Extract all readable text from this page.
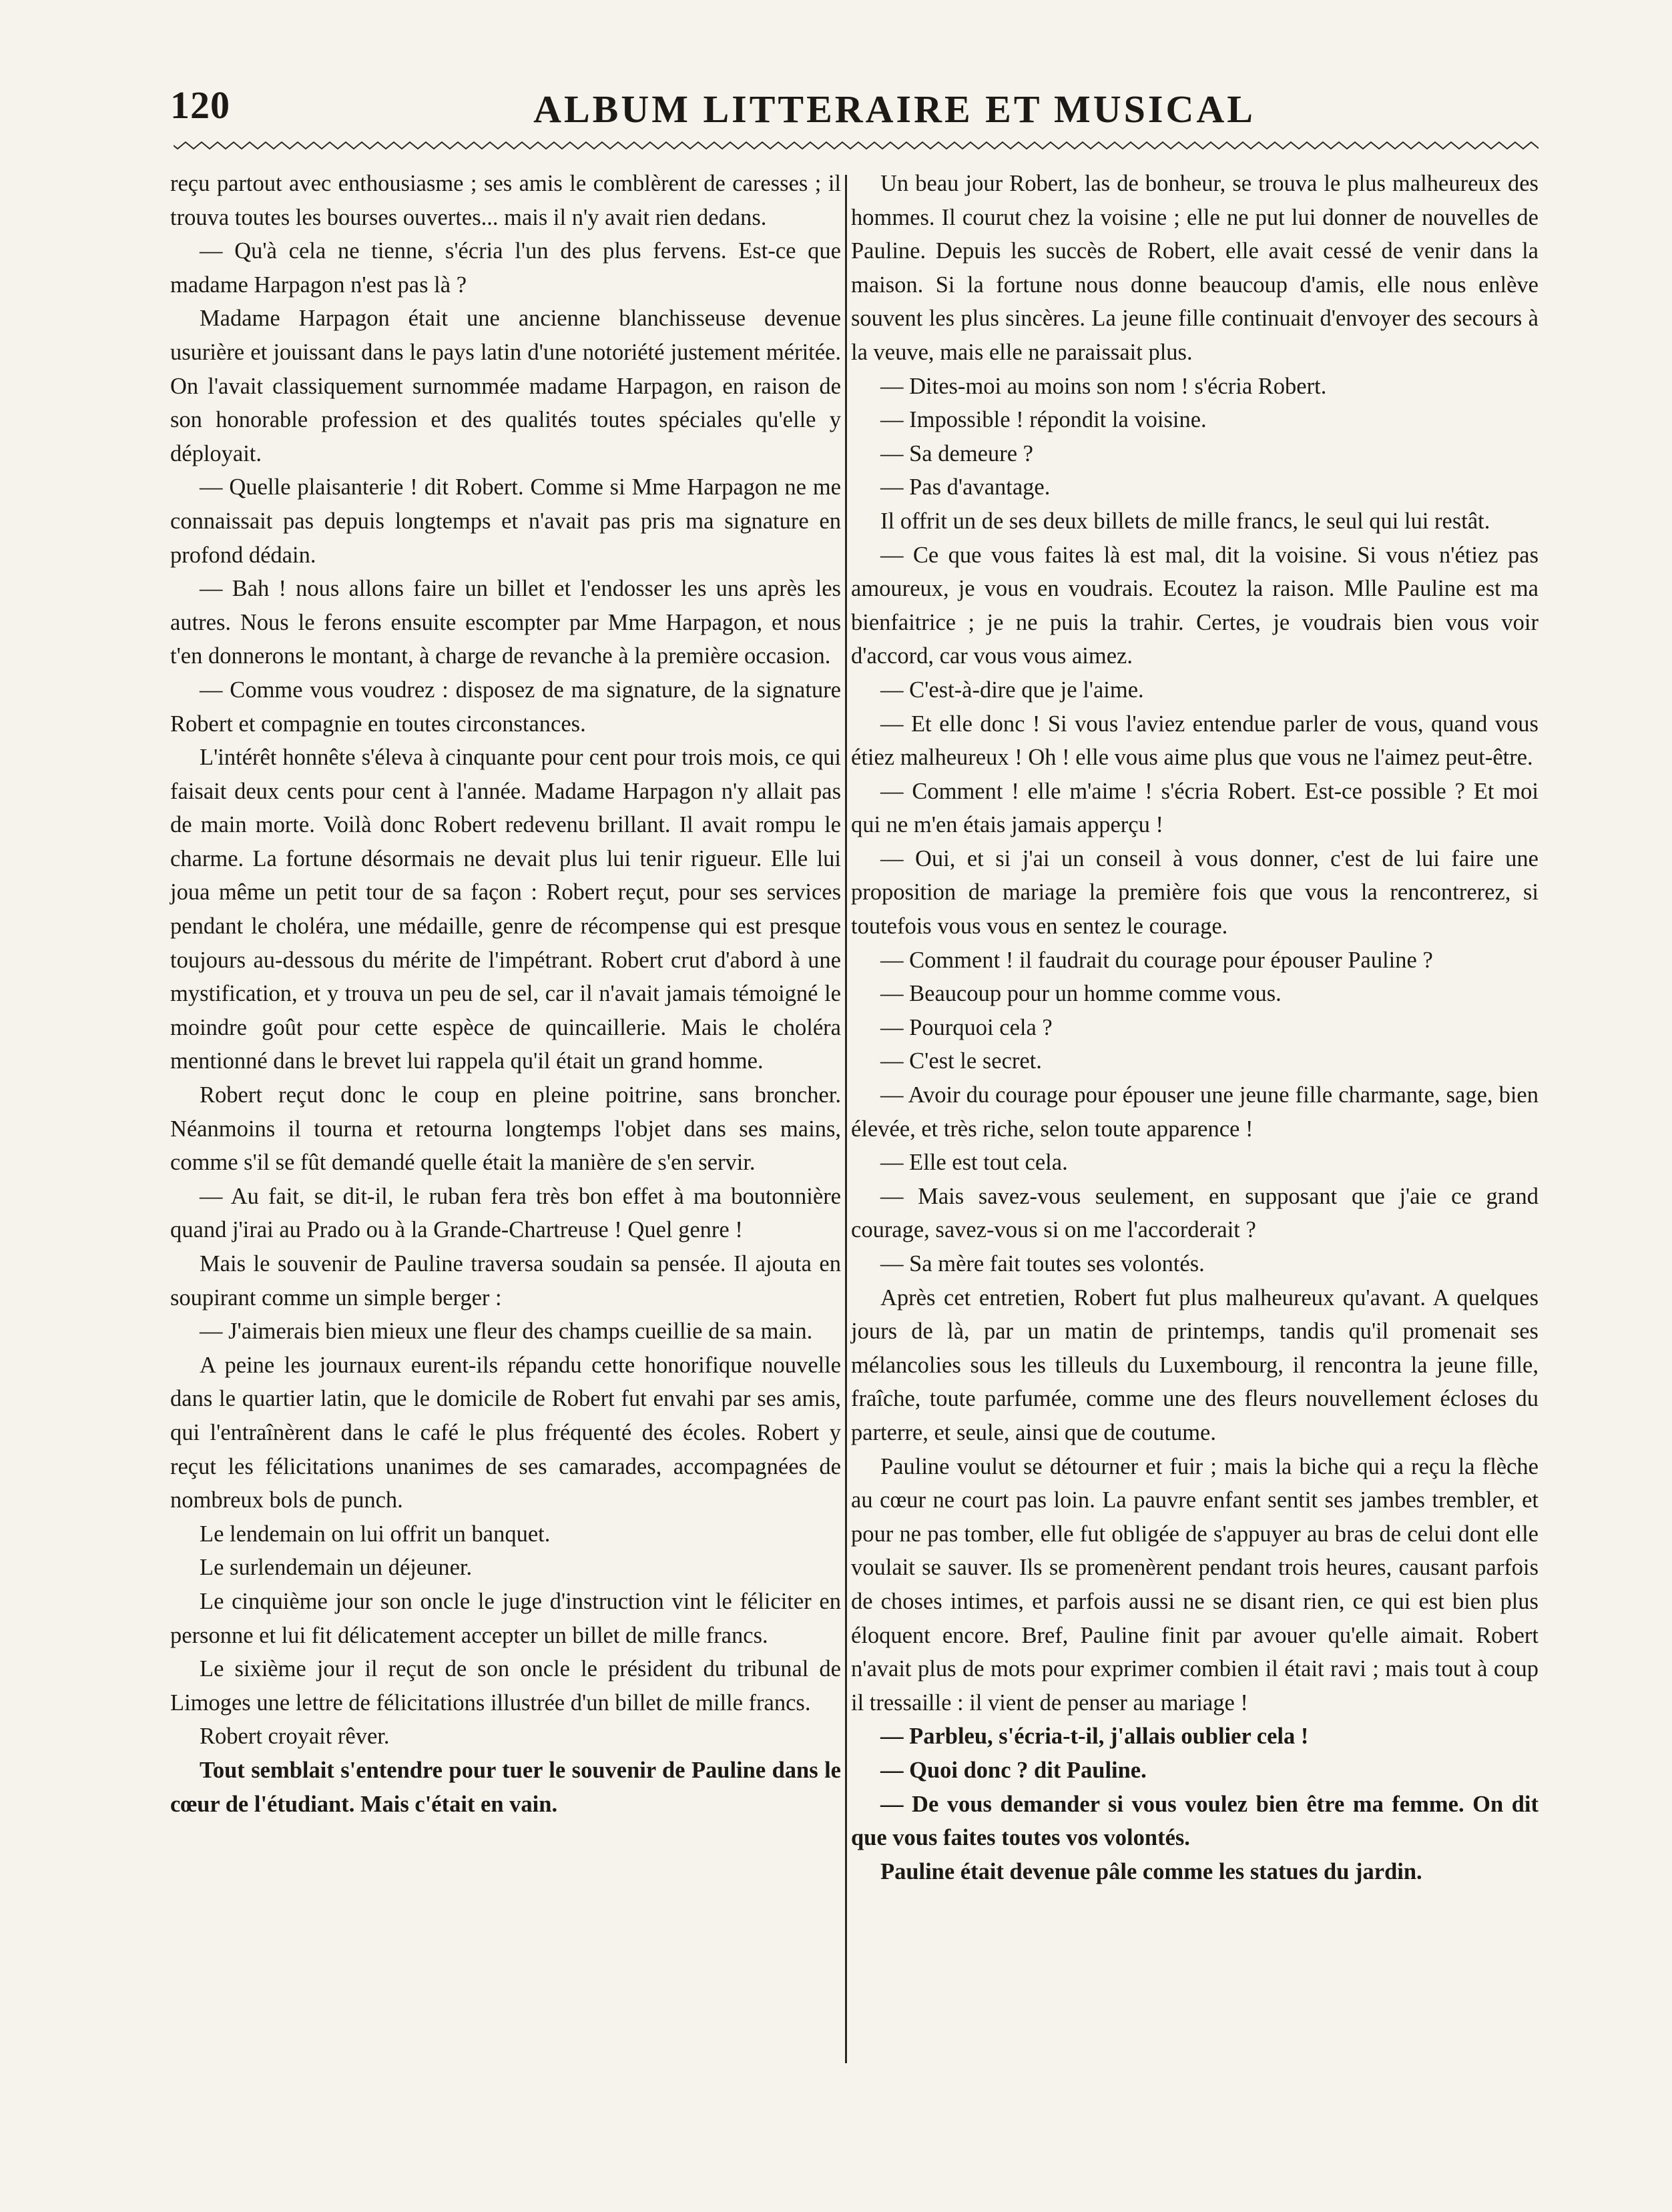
120	ALBUM LITTERAIRE ET MUSICAL

reçu partout avec enthousiasme ; ses amis le comblèrent de caresses ; il trouva toutes les bourses ouvertes... mais il n'y avait rien dedans.

— Qu'à cela ne tienne, s'écria l'un des plus fervens. Est-ce que madame Harpagon n'est pas là ?

Madame Harpagon était une ancienne blanchisseuse devenue usurière et jouissant dans le pays latin d'une notoriété justement méritée. On l'avait classiquement surnommée madame Harpagon, en raison de son honorable profession et des qualités toutes spéciales qu'elle y déployait.

— Quelle plaisanterie ! dit Robert. Comme si Mme Harpagon ne me connaissait pas depuis longtemps et n'avait pas pris ma signature en profond dédain.

— Bah ! nous allons faire un billet et l'endosser les uns après les autres. Nous le ferons ensuite escompter par Mme Harpagon, et nous t'en donnerons le montant, à charge de revanche à la première occasion.

— Comme vous voudrez : disposez de ma signature, de la signature Robert et compagnie en toutes circonstances.

L'intérêt honnête s'éleva à cinquante pour cent pour trois mois, ce qui faisait deux cents pour cent à l'année. Madame Harpagon n'y allait pas de main morte. Voilà donc Robert redevenu brillant. Il avait rompu le charme. La fortune désormais ne devait plus lui tenir rigueur. Elle lui joua même un petit tour de sa façon : Robert reçut, pour ses services pendant le choléra, une médaille, genre de récompense qui est presque toujours au-dessous du mérite de l'impétrant. Robert crut d'abord à une mystification, et y trouva un peu de sel, car il n'avait jamais témoigné le moindre goût pour cette espèce de quincaillerie. Mais le choléra mentionné dans le brevet lui rappela qu'il était un grand homme.

Robert reçut donc le coup en pleine poitrine, sans broncher. Néanmoins il tourna et retourna longtemps l'objet dans ses mains, comme s'il se fût demandé quelle était la manière de s'en servir.

— Au fait, se dit-il, le ruban fera très bon effet à ma boutonnière quand j'irai au Prado ou à la Grande-Chartreuse ! Quel genre !

Mais le souvenir de Pauline traversa soudain sa pensée. Il ajouta en soupirant comme un simple berger :

— J'aimerais bien mieux une fleur des champs cueillie de sa main.

A peine les journaux eurent-ils répandu cette honorifique nouvelle dans le quartier latin, que le domicile de Robert fut envahi par ses amis, qui l'entraînèrent dans le café le plus fréquenté des écoles. Robert y reçut les félicitations unanimes de ses camarades, accompagnées de nombreux bols de punch.

Le lendemain on lui offrit un banquet.

Le surlendemain un déjeuner.

Le cinquième jour son oncle le juge d'instruction vint le féliciter en personne et lui fit délicatement accepter un billet de mille francs.

Le sixième jour il reçut de son oncle le président du tribunal de Limoges une lettre de félicitations illustrée d'un billet de mille francs.

Robert croyait rêver.

Tout semblait s'entendre pour tuer le souvenir de Pauline dans le cœur de l'étudiant. Mais c'était en vain.

Un beau jour Robert, las de bonheur, se trouva le plus malheureux des hommes. Il courut chez la voisine ; elle ne put lui donner de nouvelles de Pauline. Depuis les succès de Robert, elle avait cessé de venir dans la maison. Si la fortune nous donne beaucoup d'amis, elle nous enlève souvent les plus sincères. La jeune fille continuait d'envoyer des secours à la veuve, mais elle ne paraissait plus.

— Dites-moi au moins son nom ! s'écria Robert.

— Impossible ! répondit la voisine.

— Sa demeure ?

— Pas d'avantage.

Il offrit un de ses deux billets de mille francs, le seul qui lui restât.

— Ce que vous faites là est mal, dit la voisine. Si vous n'étiez pas amoureux, je vous en voudrais. Ecoutez la raison. Mlle Pauline est ma bienfaitrice ; je ne puis la trahir. Certes, je voudrais bien vous voir d'accord, car vous vous aimez.

— C'est-à-dire que je l'aime.

— Et elle donc ! Si vous l'aviez entendue parler de vous, quand vous étiez malheureux ! Oh ! elle vous aime plus que vous ne l'aimez peut-être.

— Comment ! elle m'aime ! s'écria Robert. Est-ce possible ? Et moi qui ne m'en étais jamais apperçu !

— Oui, et si j'ai un conseil à vous donner, c'est de lui faire une proposition de mariage la première fois que vous la rencontrerez, si toutefois vous vous en sentez le courage.

— Comment ! il faudrait du courage pour épouser Pauline ?

— Beaucoup pour un homme comme vous.

— Pourquoi cela ?

— C'est le secret.

— Avoir du courage pour épouser une jeune fille charmante, sage, bien élevée, et très riche, selon toute apparence !

— Elle est tout cela.

— Mais savez-vous seulement, en supposant que j'aie ce grand courage, savez-vous si on me l'accorderait ?

— Sa mère fait toutes ses volontés.

Après cet entretien, Robert fut plus malheureux qu'avant. A quelques jours de là, par un matin de printemps, tandis qu'il promenait ses mélancolies sous les tilleuls du Luxembourg, il rencontra la jeune fille, fraîche, toute parfumée, comme une des fleurs nouvellement écloses du parterre, et seule, ainsi que de coutume.

Pauline voulut se détourner et fuir ; mais la biche qui a reçu la flèche au cœur ne court pas loin. La pauvre enfant sentit ses jambes trembler, et pour ne pas tomber, elle fut obligée de s'appuyer au bras de celui dont elle voulait se sauver. Ils se promenèrent pendant trois heures, causant parfois de choses intimes, et parfois aussi ne se disant rien, ce qui est bien plus éloquent encore. Bref, Pauline finit par avouer qu'elle aimait. Robert n'avait plus de mots pour exprimer combien il était ravi ; mais tout à coup il tressaille : il vient de penser au mariage !

— Parbleu, s'écria-t-il, j'allais oublier cela !

— Quoi donc ? dit Pauline.

— De vous demander si vous voulez bien être ma femme. On dit que vous faites toutes vos volontés.

Pauline était devenue pâle comme les statues du jardin.
